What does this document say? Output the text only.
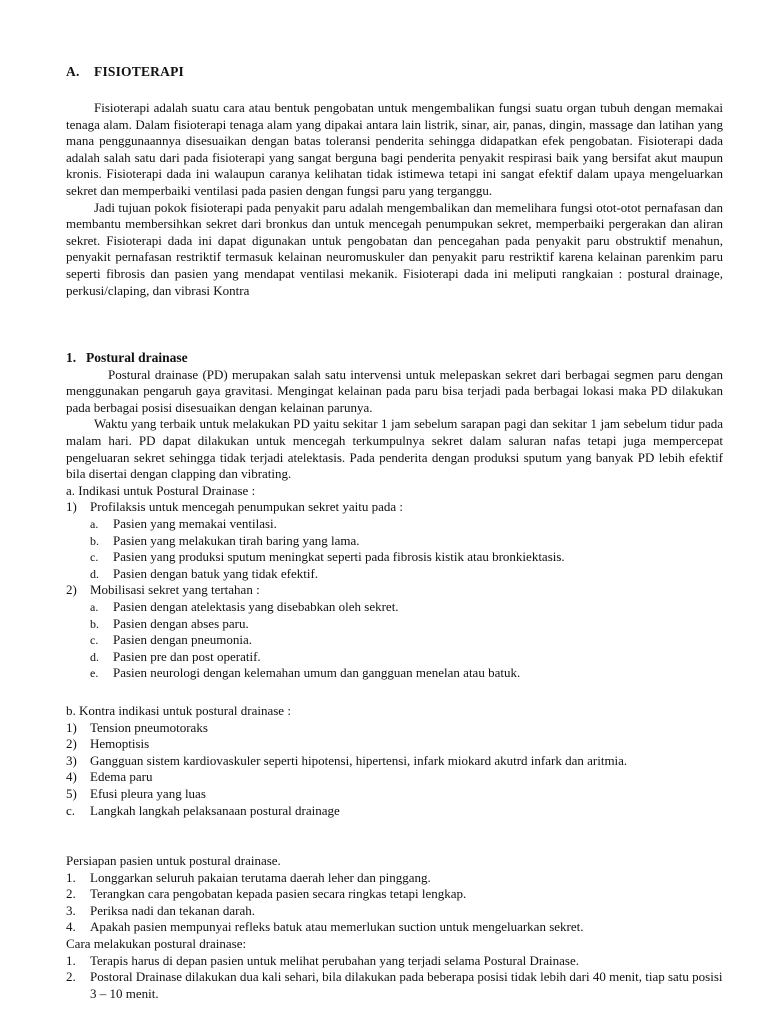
A. FISIOTERAPI

Fisioterapi adalah suatu cara atau bentuk pengobatan untuk mengembalikan fungsi suatu organ tubuh dengan memakai tenaga alam. Dalam fisioterapi tenaga alam yang dipakai antara lain listrik, sinar, air, panas, dingin, massage dan latihan yang mana penggunaannya disesuaikan dengan batas toleransi penderita sehingga didapatkan efek pengobatan. Fisioterapi dada adalah salah satu dari pada fisioterapi yang sangat berguna bagi penderita penyakit respirasi baik yang bersifat akut maupun kronis. Fisioterapi dada ini walaupun caranya kelihatan tidak istimewa tetapi ini sangat efektif dalam upaya mengeluarkan sekret dan memperbaiki ventilasi pada pasien dengan fungsi paru yang terganggu.

Jadi tujuan pokok fisioterapi pada penyakit paru adalah mengembalikan dan memelihara fungsi otot-otot pernafasan dan membantu membersihkan sekret dari bronkus dan untuk mencegah penumpukan sekret, memperbaiki pergerakan dan aliran sekret. Fisioterapi dada ini dapat digunakan untuk pengobatan dan pencegahan pada penyakit paru obstruktif menahun, penyakit pernafasan restriktif termasuk kelainan neuromuskuler dan penyakit paru restriktif karena kelainan parenkim paru seperti fibrosis dan pasien yang mendapat ventilasi mekanik. Fisioterapi dada ini meliputi rangkaian : postural drainage, perkusi/claping, dan vibrasi Kontra

1. Postural drainase

Postural drainase (PD) merupakan salah satu intervensi untuk melepaskan sekret dari berbagai segmen paru dengan menggunakan pengaruh gaya gravitasi. Mengingat kelainan pada paru bisa terjadi pada berbagai lokasi maka PD dilakukan pada berbagai posisi disesuaikan dengan kelainan parunya.

Waktu yang terbaik untuk melakukan PD yaitu sekitar 1 jam sebelum sarapan pagi dan sekitar 1 jam sebelum tidur pada malam hari. PD dapat dilakukan untuk mencegah terkumpulnya sekret dalam saluran nafas tetapi juga mempercepat pengeluaran sekret sehingga tidak terjadi atelektasis. Pada penderita dengan produksi sputum yang banyak PD lebih efektif bila disertai dengan clapping dan vibrating.

a. Indikasi untuk Postural Drainase :

1) Profilaksis untuk mencegah penumpukan sekret yaitu pada :
a. Pasien yang memakai ventilasi.
b. Pasien yang melakukan tirah baring yang lama.
c. Pasien yang produksi sputum meningkat seperti pada fibrosis kistik atau bronkiektasis.
d. Pasien dengan batuk yang tidak efektif.
2) Mobilisasi sekret yang tertahan :
a. Pasien dengan atelektasis yang disebabkan oleh sekret.
b. Pasien dengan abses paru.
c. Pasien dengan pneumonia.
d. Pasien pre dan post operatif.
e. Pasien neurologi dengan kelemahan umum dan gangguan menelan atau batuk.

b. Kontra indikasi untuk postural drainase :

1) Tension pneumotoraks
2) Hemoptisis
3) Gangguan sistem kardiovaskuler seperti hipotensi, hipertensi, infark miokard akutrd infark dan aritmia.
4) Edema paru
5) Efusi pleura yang luas
c. Langkah langkah pelaksanaan postural drainage

Persiapan pasien untuk postural drainase.

1. Longgarkan seluruh pakaian terutama daerah leher dan pinggang.
2. Terangkan cara pengobatan kepada pasien secara ringkas tetapi lengkap.
3. Periksa nadi dan tekanan darah.
4. Apakah pasien mempunyai refleks batuk atau memerlukan suction untuk mengeluarkan sekret.

Cara melakukan postural drainase:

1. Terapis harus di depan pasien untuk melihat perubahan yang terjadi selama Postural Drainase.
2. Postoral Drainase dilakukan dua kali sehari, bila dilakukan pada beberapa posisi tidak lebih dari 40 menit, tiap satu posisi 3 – 10 menit.
